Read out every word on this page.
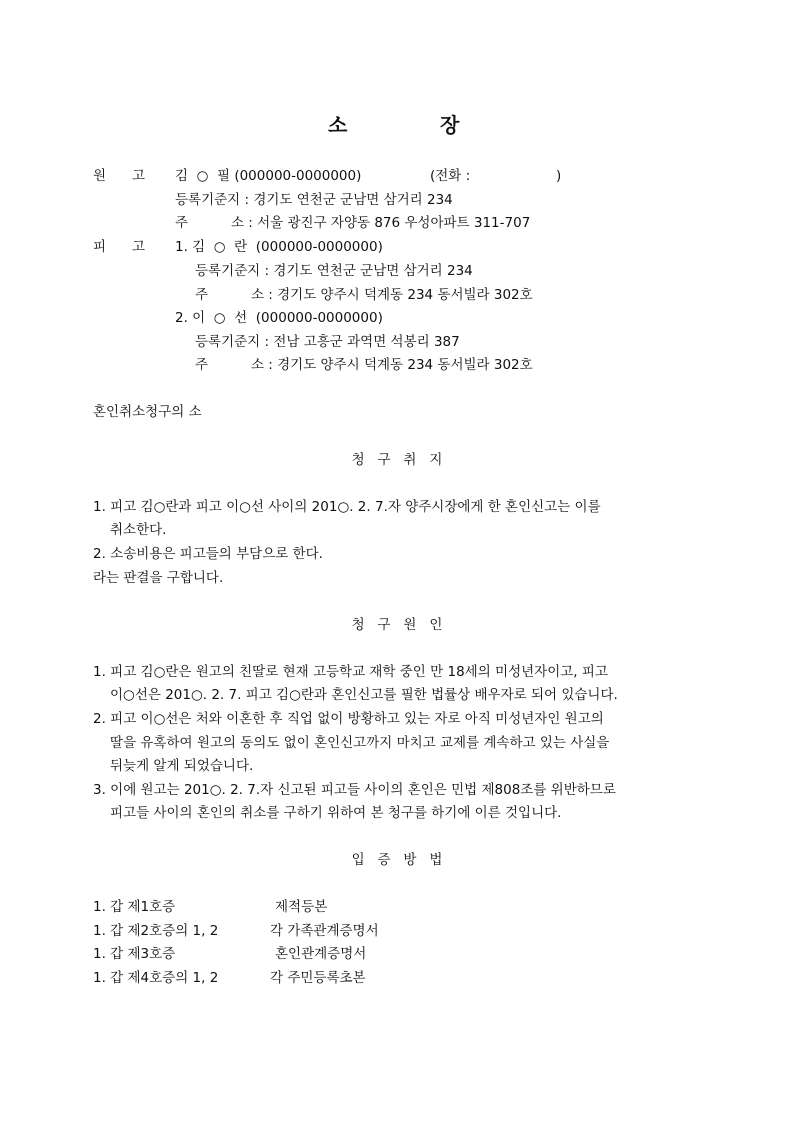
소	장
원 고 김  ○  필 (000000-0000000)	(전화 :                    )
등록기준지 : 경기도 연천군 군남면 삼거리 234
주          소 : 서울 광진구 자양동 876 우성아파트 311-707
피 고 1. 김  ○  란  (000000-0000000)
등록기준지 : 경기도 연천군 군남면 삼거리 234
주          소 : 경기도 양주시 덕계동 234 동서빌라 302호
2. 이  ○  선  (000000-0000000)
등록기준지 : 전남 고흥군 과역면 석봉리 387
주          소 : 경기도 양주시 덕계동 234 동서빌라 302호
혼인취소청구의 소
청   구   취   지
1. 피고 김○란과 피고 이○선 사이의 201○. 2. 7.자 양주시장에게 한 혼인신고는 이를
취소한다.
2. 소송비용은 피고들의 부담으로 한다.
라는 판결을 구합니다.
청   구   원   인
1. 피고 김○란은 원고의 친딸로 현재 고등학교 재학 중인 만 18세의 미성년자이고, 피고
이○선은 201○. 2. 7. 피고 김○란과 혼인신고를 필한 법률상 배우자로 되어 있습니다.
2. 피고 이○선은 처와 이혼한 후 직업 없이 방황하고 있는 자로 아직 미성년자인 원고의
딸을 유혹하여 원고의 동의도 없이 혼인신고까지 마치고 교제를 계속하고 있는 사실을
뒤늦게 알게 되었습니다.
3. 이에 원고는 201○. 2. 7.자 신고된 피고들 사이의 혼인은 민법 제808조를 위반하므로
피고들 사이의 혼인의 취소를 구하기 위하여 본 청구를 하기에 이른 것입니다.
입   증   방   법
1. 갑 제1호증	제적등본
1. 갑 제2호증의 1, 2	각 가족관계증명서
1. 갑 제3호증	혼인관계증명서
1. 갑 제4호증의 1, 2	각 주민등록초본
